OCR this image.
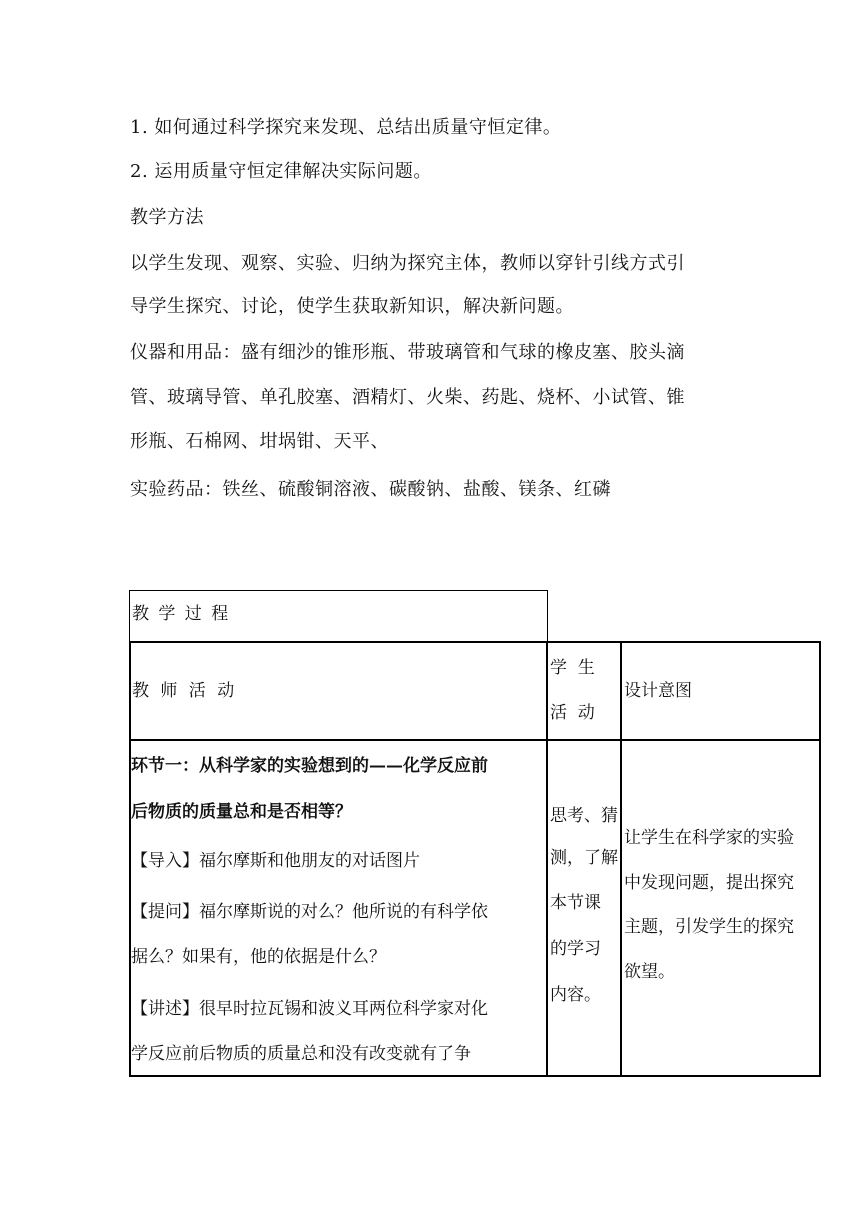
1. 如何通过科学探究来发现、总结出质量守恒定律。
2. 运用质量守恒定律解决实际问题。
教学方法
以学生发现、观察、实验、归纳为探究主体，教师以穿针引线方式引
导学生探究、讨论，使学生获取新知识，解决新问题。
仪器和用品：盛有细沙的锥形瓶、带玻璃管和气球的橡皮塞、胶头滴
管、玻璃导管、单孔胶塞、酒精灯、火柴、药匙、烧杯、小试管、锥
形瓶、石棉网、坩埚钳、天平、
实验药品：铁丝、硫酸铜溶液、碳酸钠、盐酸、镁条、红磷
教 学 过 程
教 师 活 动
学  生
活  动
设计意图
环节一：从科学家的实验想到的——化学反应前
后物质的质量总和是否相等？
【导入】福尔摩斯和他朋友的对话图片
【提问】福尔摩斯说的对么？他所说的有科学依
据么？如果有，他的依据是什么？
【讲述】很早时拉瓦锡和波义耳两位科学家对化
学反应前后物质的质量总和没有改变就有了争
思考、猜
测，了解
本节课
的学习
内容。
让学生在科学家的实验
中发现问题，提出探究
主题，引发学生的探究
欲望。
